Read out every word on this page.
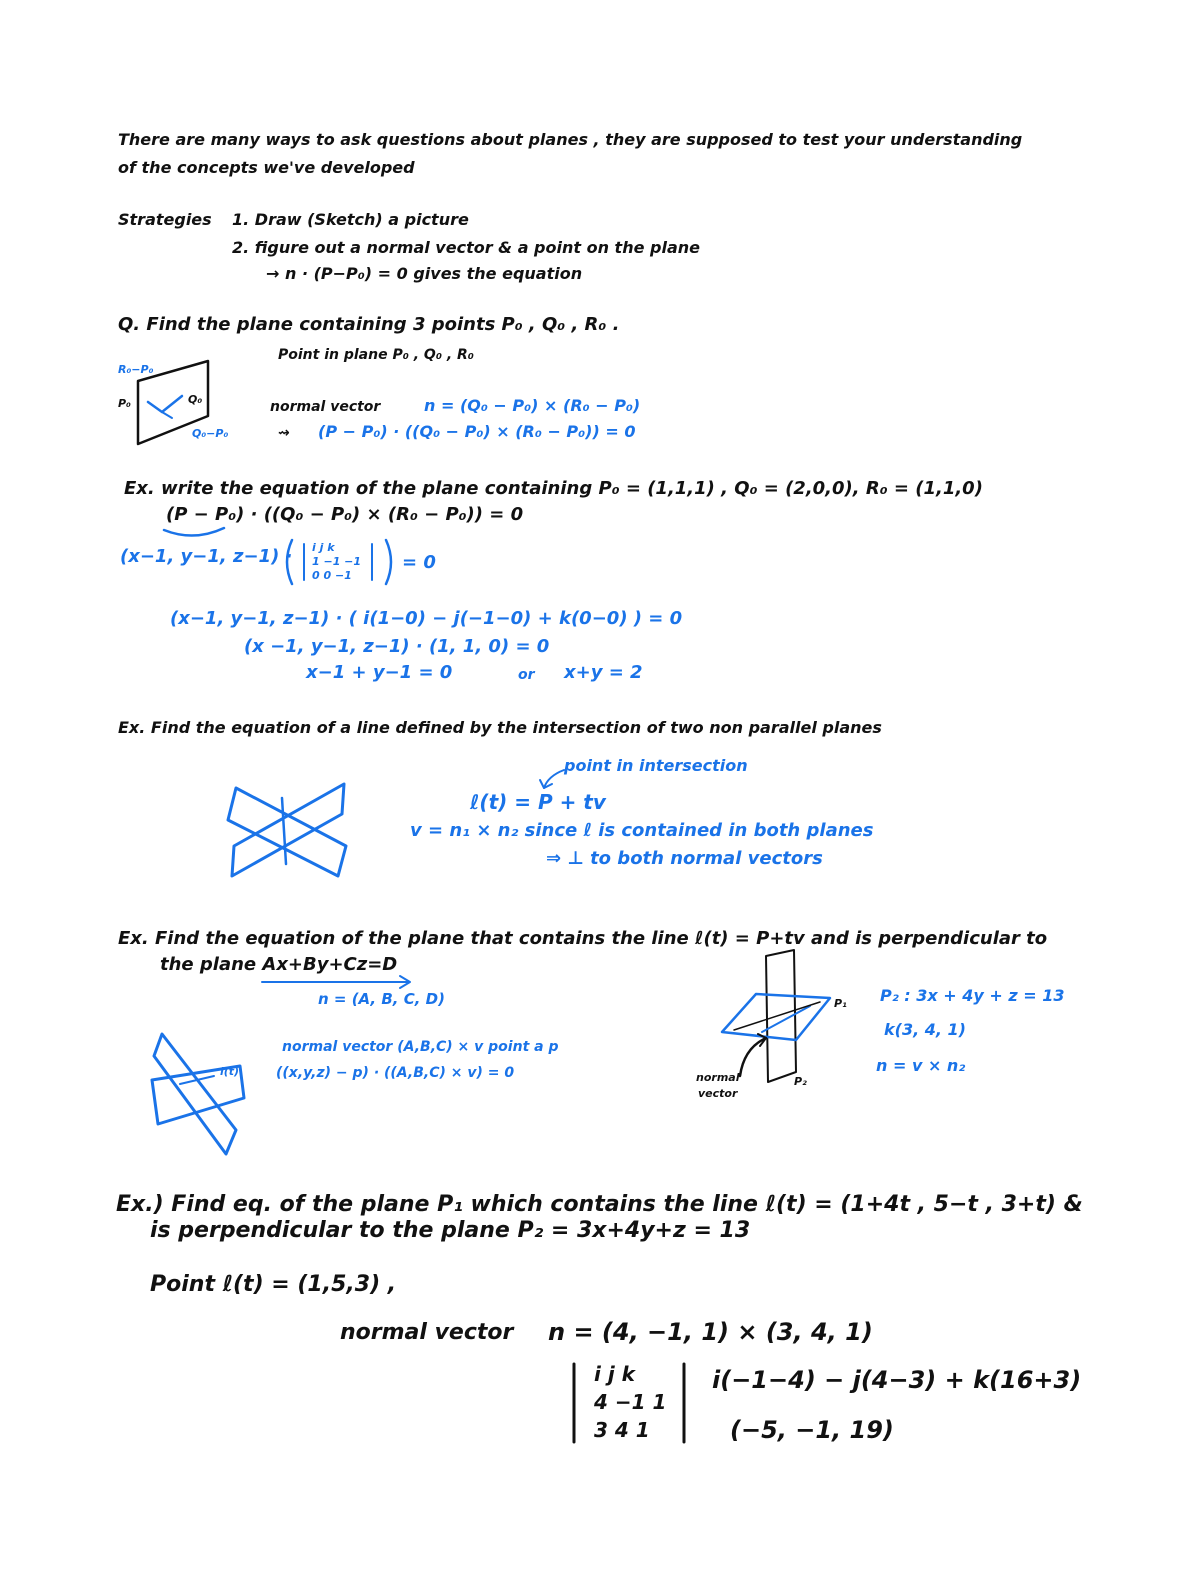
There are many ways to ask questions about planes , they are supposed to test your understanding
of the concepts we've developed
Strategies 1. Draw (Sketch) a picture
2. figure out a normal vector & a point on the plane
→ n · (P−P₀) = 0 gives the equation
Q. Find the plane containing 3 points P₀ , Q₀ , R₀ .
Point in plane P₀ , Q₀ , R₀
R₀−P₀
P₀	Q₀
Q₀−P₀
normal vector	n = (Q₀ − P₀) × (R₀ − P₀)
⇝ (P − P₀) · ((Q₀ − P₀) × (R₀ − P₀)) = 0
Ex. write the equation of the plane containing P₀ = (1,1,1) , Q₀ = (2,0,0), R₀ = (1,1,0)
(P − P₀) · ((Q₀ − P₀) × (R₀ − P₀)) = 0
(x−1, y−1, z−1) · i j k
1 −1 −1
0 0 −1
= 0
(x−1, y−1, z−1) · ( i(1−0) − j(−1−0) + k(0−0) ) = 0
(x −1, y−1, z−1) · (1, 1, 0) = 0
x−1 + y−1 = 0	or x+y = 2
Ex. Find the equation of a line defined by the intersection of two non parallel planes
point in intersection
ℓ(t) = P + tv
v = n₁ × n₂ since ℓ is contained in both planes
⇒ ⊥ to both normal vectors
Ex. Find the equation of the plane that contains the line ℓ(t) = P+tv and is perpendicular to
the plane Ax+By+Cz=D
n = (A, B, C, D)
l(t)
normal vector (A,B,C) × v point a p
((x,y,z) − p) · ((A,B,C) × v) = 0
P₁
P₂
normal
vector
P₂ : 3x + 4y + z = 13
k(3, 4, 1)
n = v × n₂
Ex.) Find eq. of the plane P₁ which contains the line ℓ(t) = (1+4t , 5−t , 3+t) &
is perpendicular to the plane P₂ = 3x+4y+z = 13
Point ℓ(t) = (1,5,3) ,
normal vector n = (4, −1, 1) × (3, 4, 1)
i j k
4 −1 1
3 4 1
i(−1−4) − j(4−3) + k(16+3)
(−5, −1, 19)
